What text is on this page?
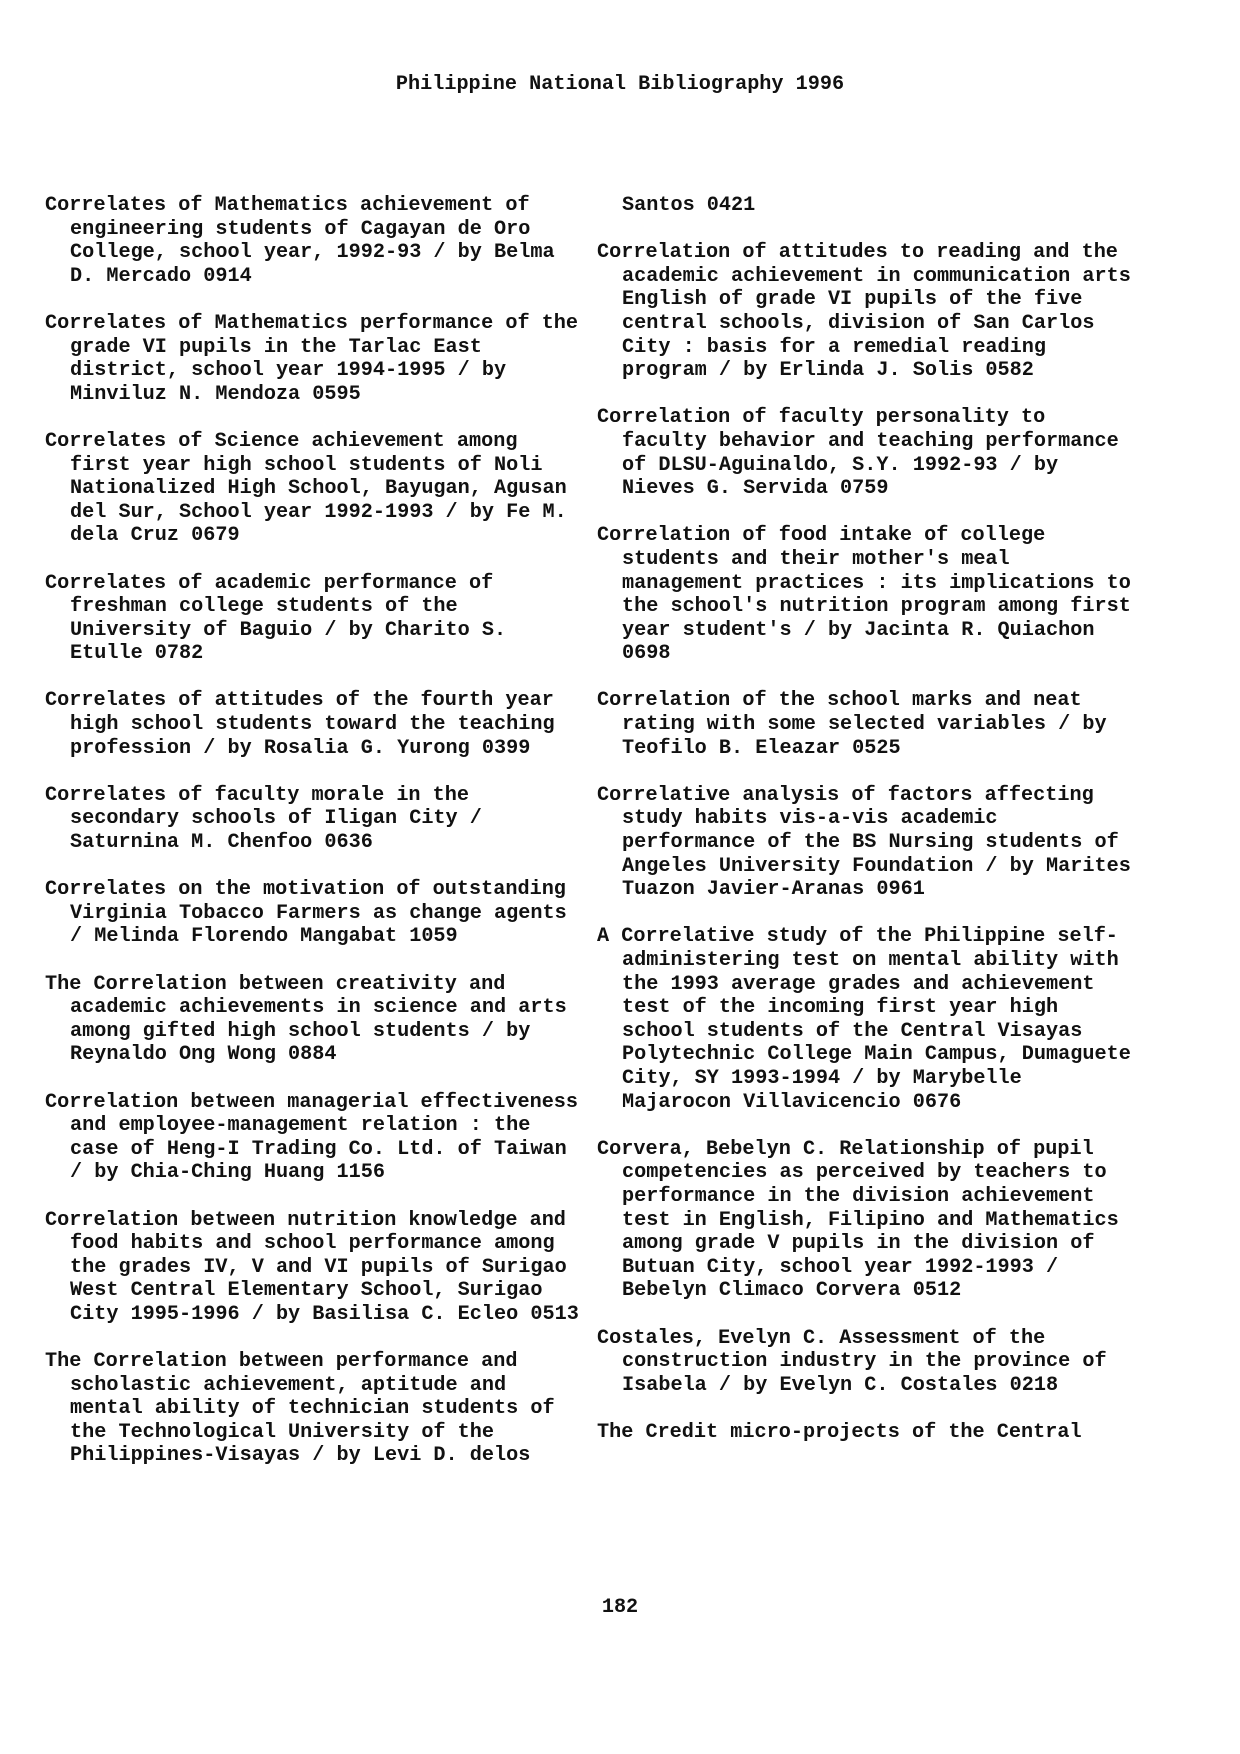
Philippine National Bibliography 1996

Correlates of Mathematics achievement of engineering students of Cagayan de Oro College, school year, 1992-93 / by Belma D. Mercado 0914

Correlates of Mathematics performance of the grade VI pupils in the Tarlac East district, school year 1994-1995 / by Minviluz N. Mendoza 0595

Correlates of Science achievement among first year high school students of Noli Nationalized High School, Bayugan, Agusan del Sur, School year 1992-1993 / by Fe M. dela Cruz 0679

Correlates of academic performance of freshman college students of the University of Baguio / by Charito S. Etulle 0782

Correlates of attitudes of the fourth year high school students toward the teaching profession / by Rosalia G. Yurong 0399

Correlates of faculty morale in the secondary schools of Iligan City / Saturnina M. Chenfoo 0636

Correlates on the motivation of outstanding Virginia Tobacco Farmers as change agents / Melinda Florendo Mangabat 1059

The Correlation between creativity and academic achievements in science and arts among gifted high school students / by Reynaldo Ong Wong 0884

Correlation between managerial effectiveness and employee-management relation : the case of Heng-I Trading Co. Ltd. of Taiwan / by Chia-Ching Huang 1156

Correlation between nutrition knowledge and food habits and school performance among the grades IV, V and VI pupils of Surigao West Central Elementary School, Surigao City 1995-1996 / by Basilisa C. Ecleo 0513

The Correlation between performance and scholastic achievement, aptitude and mental ability of technician students of the Technological University of the Philippines-Visayas / by Levi D. delos

Santos 0421

Correlation of attitudes to reading and the academic achievement in communication arts English of grade VI pupils of the five central schools, division of San Carlos City : basis for a remedial reading program / by Erlinda J. Solis 0582

Correlation of faculty personality to faculty behavior and teaching performance of DLSU-Aguinaldo, S.Y. 1992-93 / by Nieves G. Servida 0759

Correlation of food intake of college students and their mother's meal management practices : its implications to the school's nutrition program among first year student's / by Jacinta R. Quiachon 0698

Correlation of the school marks and neat rating with some selected variables / by Teofilo B. Eleazar 0525

Correlative analysis of factors affecting study habits vis-a-vis academic performance of the BS Nursing students of Angeles University Foundation / by Marites Tuazon Javier-Aranas 0961

A Correlative study of the Philippine self-administering test on mental ability with the 1993 average grades and achievement test of the incoming first year high school students of the Central Visayas Polytechnic College Main Campus, Dumaguete City, SY 1993-1994 / by Marybelle Majarocon Villavicencio 0676

Corvera, Bebelyn C. Relationship of pupil competencies as perceived by teachers to performance in the division achievement test in English, Filipino and Mathematics among grade V pupils in the division of Butuan City, school year 1992-1993 / Bebelyn Climaco Corvera 0512

Costales, Evelyn C. Assessment of the construction industry in the province of Isabela / by Evelyn C. Costales 0218

The Credit micro-projects of the Central

182
